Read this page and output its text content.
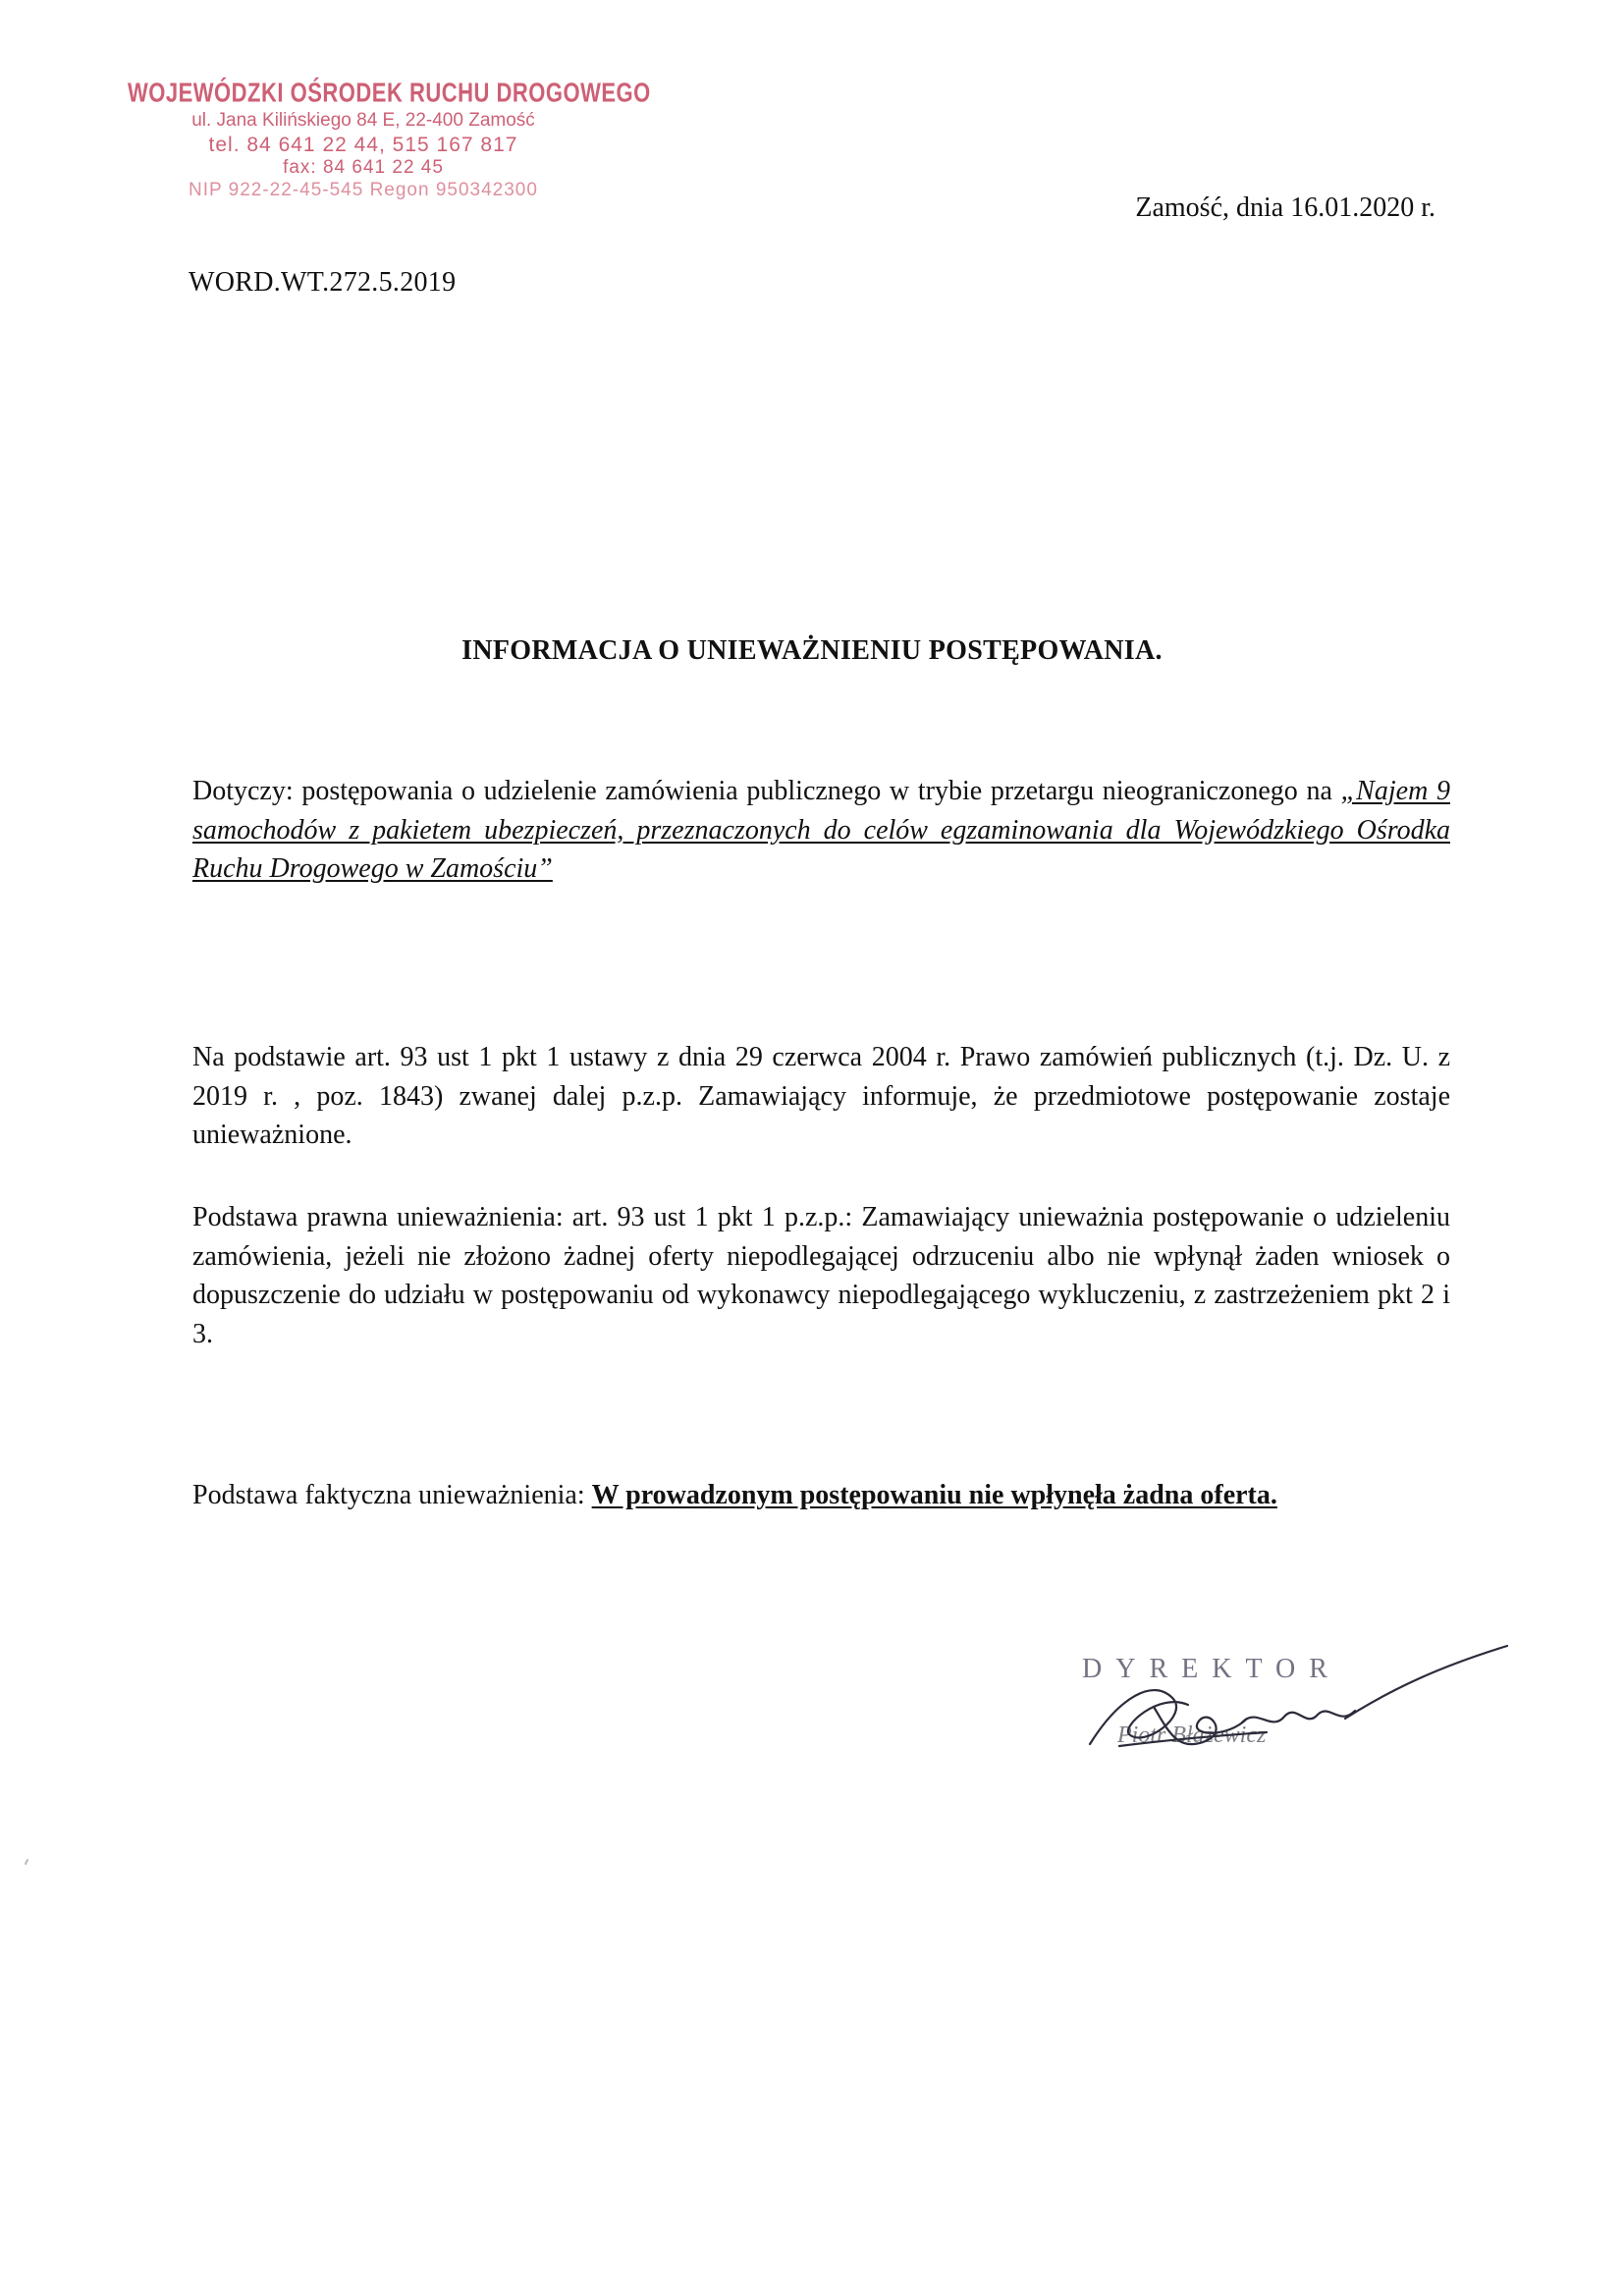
WOJEWÓDZKI OŚRODEK RUCHU DROGOWEGO
ul. Jana Kilińskiego 84 E, 22-400 Zamość
tel. 84 641 22 44, 515 167 817
fax: 84 641 22 45
NIP 922-22-45-545 Regon 950342300
Zamość, dnia 16.01.2020 r.
WORD.WT.272.5.2019
INFORMACJA O UNIEWAŻNIENIU POSTĘPOWANIA.
Dotyczy: postępowania o udzielenie zamówienia publicznego w trybie przetargu nieograniczonego na „Najem 9 samochodów z pakietem ubezpieczeń, przeznaczonych do celów egzaminowania dla Wojewódzkiego Ośrodka Ruchu Drogowego w Zamościu”
Na podstawie art. 93 ust 1 pkt 1 ustawy z dnia 29 czerwca 2004 r. Prawo zamówień publicznych (t.j. Dz. U. z 2019 r. , poz. 1843) zwanej dalej p.z.p. Zamawiający informuje, że przedmiotowe postępowanie zostaje unieważnione.
Podstawa prawna unieważnienia: art. 93 ust 1 pkt 1 p.z.p.: Zamawiający unieważnia postępowanie o udzieleniu zamówienia, jeżeli nie złożono żadnej oferty niepodlegającej odrzuceniu albo nie wpłynął żaden wniosek o dopuszczenie do udziału w postępowaniu od wykonawcy niepodlegającego wykluczeniu, z zastrzeżeniem pkt 2 i 3.
Podstawa faktyczna unieważnienia: W prowadzonym postępowaniu nie wpłynęła żadna oferta.
DYREKTOR
Piotr Błażewicz
